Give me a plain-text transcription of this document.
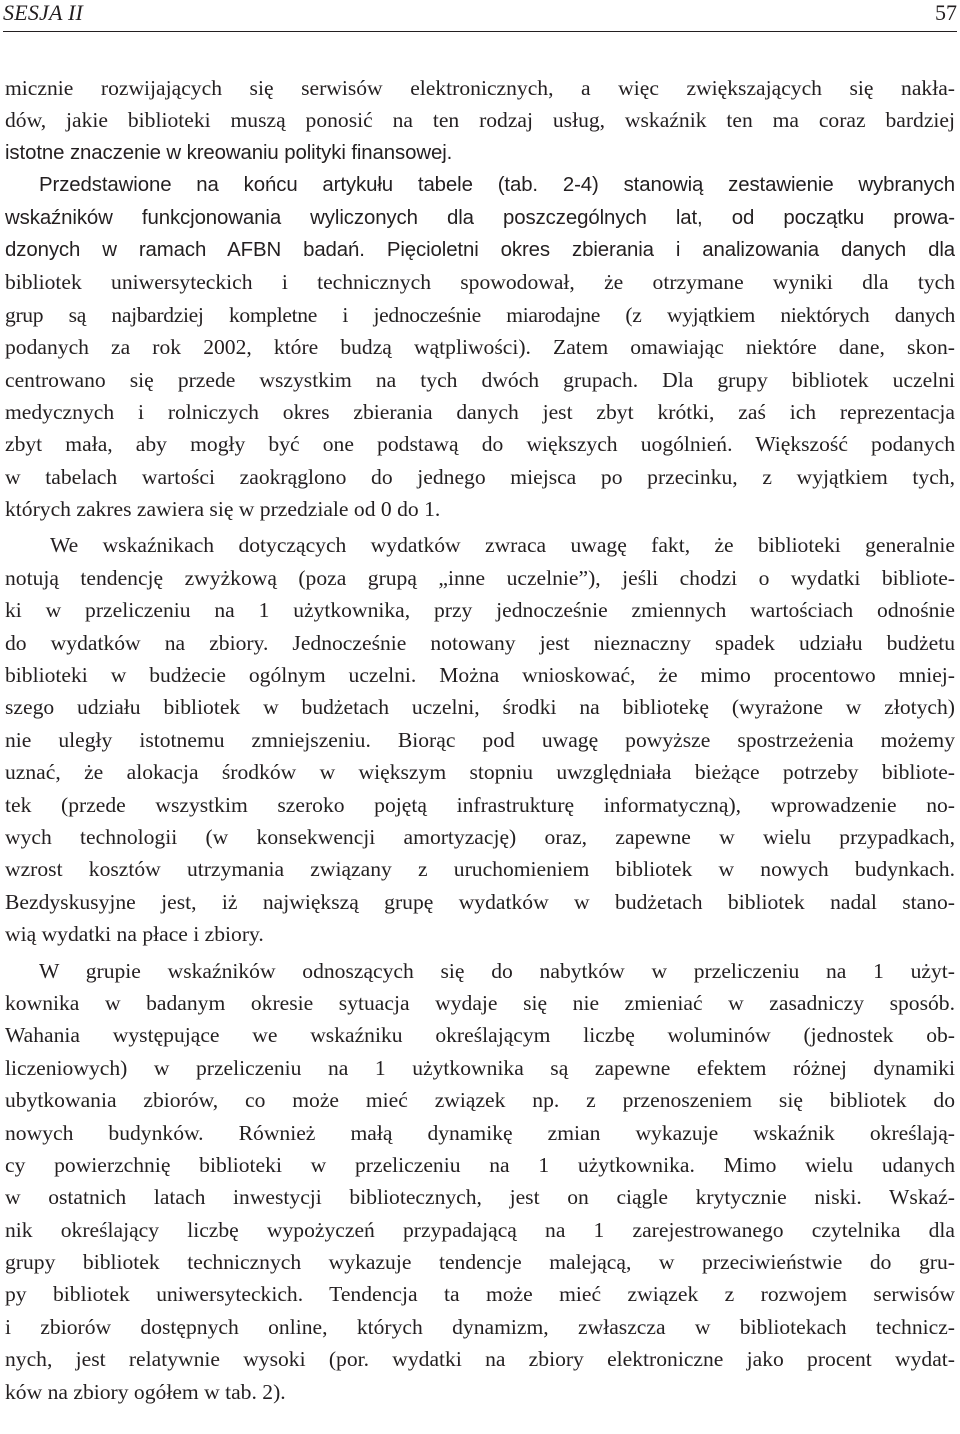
SESJA II	57
micznie rozwijających się serwisów elektronicznych, a więc zwiększających się nakła-
dów, jakie biblioteki muszą ponosić na ten rodzaj usług, wskaźnik ten ma coraz bardziej
istotne znaczenie w kreowaniu polityki finansowej.
Przedstawione na końcu artykułu tabele (tab. 2-4) stanowią zestawienie wybranych
wskaźników funkcjonowania wyliczonych dla poszczególnych lat, od początku prowa-
dzonych w ramach AFBN badań. Pięcioletni okres zbierania i analizowania danych dla
bibliotek uniwersyteckich i technicznych spowodował, że otrzymane wyniki dla tych
grup są najbardziej kompletne i jednocześnie miarodajne (z wyjątkiem niektórych danych
podanych za rok 2002, które budzą wątpliwości). Zatem omawiając niektóre dane, skon-
centrowano się przede wszystkim na tych dwóch grupach. Dla grupy bibliotek uczelni
medycznych i rolniczych okres zbierania danych jest zbyt krótki, zaś ich reprezentacja
zbyt mała, aby mogły być one podstawą do większych uogólnień. Większość podanych
w tabelach wartości zaokrąglono do jednego miejsca po przecinku, z wyjątkiem tych,
których zakres zawiera się w przedziale od 0 do 1.
We wskaźnikach dotyczących wydatków zwraca uwagę fakt, że biblioteki generalnie
notują tendencję zwyżkową (poza grupą „inne uczelnie”), jeśli chodzi o wydatki bibliote-
ki w przeliczeniu na 1 użytkownika, przy jednocześnie zmiennych wartościach odnośnie
do wydatków na zbiory. Jednocześnie notowany jest nieznaczny spadek udziału budżetu
biblioteki w budżecie ogólnym uczelni. Można wnioskować, że mimo procentowo mniej-
szego udziału bibliotek w budżetach uczelni, środki na bibliotekę (wyrażone w złotych)
nie uległy istotnemu zmniejszeniu. Biorąc pod uwagę powyższe spostrzeżenia możemy
uznać, że alokacja środków w większym stopniu uwzględniała bieżące potrzeby bibliote-
tek (przede wszystkim szeroko pojętą infrastrukturę informatyczną), wprowadzenie no-
wych technologii (w konsekwencji amortyzację) oraz, zapewne w wielu przypadkach,
wzrost kosztów utrzymania związany z uruchomieniem bibliotek w nowych budynkach.
Bezdyskusyjne jest, iż największą grupę wydatków w budżetach bibliotek nadal stano-
wią wydatki na płace i zbiory.
W grupie wskaźników odnoszących się do nabytków w przeliczeniu na 1 użyt-
kownika w badanym okresie sytuacja wydaje się nie zmieniać w zasadniczy sposób.
Wahania występujące we wskaźniku określającym liczbę woluminów (jednostek ob-
liczeniowych) w przeliczeniu na 1 użytkownika są zapewne efektem różnej dynamiki
ubytkowania zbiorów, co może mieć związek np. z przenoszeniem się bibliotek do
nowych budynków. Również małą dynamikę zmian wykazuje wskaźnik określają-
cy powierzchnię biblioteki w przeliczeniu na 1 użytkownika. Mimo wielu udanych
w ostatnich latach inwestycji bibliotecznych, jest on ciągle krytycznie niski. Wskaź-
nik określający liczbę wypożyczeń przypadającą na 1 zarejestrowanego czytelnika dla
grupy bibliotek technicznych wykazuje tendencje malejącą, w przeciwieństwie do gru-
py bibliotek uniwersyteckich. Tendencja ta może mieć związek z rozwojem serwisów
i zbiorów dostępnych online, których dynamizm, zwłaszcza w bibliotekach technicz-
nych, jest relatywnie wysoki (por. wydatki na zbiory elektroniczne jako procent wydat-
ków na zbiory ogółem w tab. 2).
